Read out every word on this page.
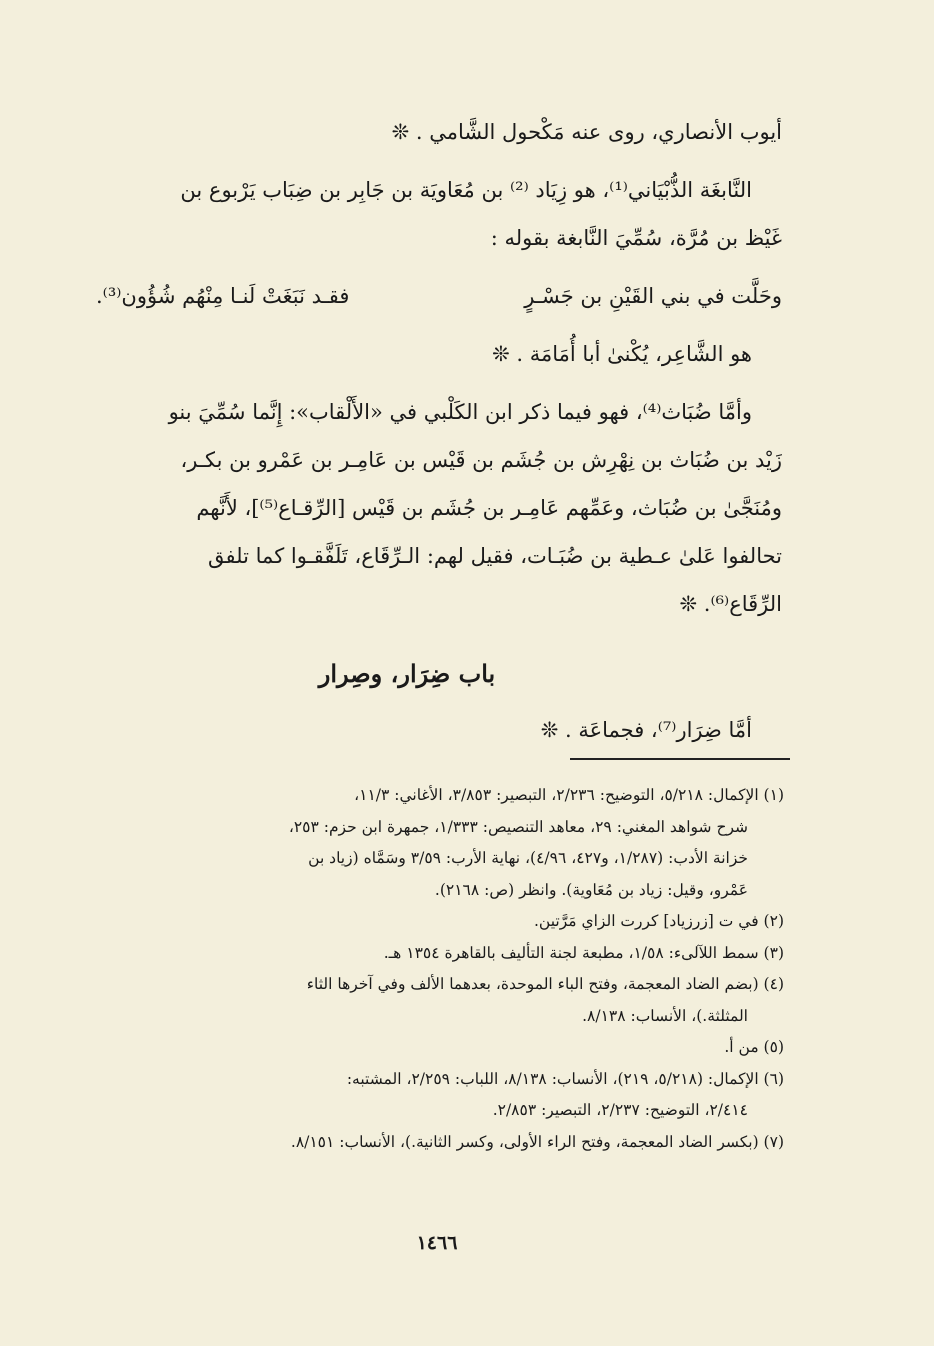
أيوب الأنصاري، روى عنه مَكْحول الشَّامي . ❊

النَّابغَة الذُّبْيَاني⁽¹⁾، هو زِيَاد ⁽²⁾ بن مُعَاويَة بن جَابِر بن ضِبَاب يَرْبوع بن

غَيْظ بن مُرَّة، سُمِّيَ النَّابغة بقوله :

وحَلَّت في بني القَيْنِ بن جَسْـرٍ
فقـد نَبَغَتْ لَنـا مِنْهُم شُؤُون⁽³⁾.

هو الشَّاعِر، يُكْنىٰ أبا أُمَامَة . ❊

وأمَّا ضُبَاث⁽⁴⁾، فهو فيما ذكر ابن الكَلْبي في «الأَلْقاب»: إِنَّما سُمِّيَ بنو

زَيْد بن ضُبَاث بن نِهْرِش بن جُشَم بن قَيْس بن عَامِـر بن عَمْرو بن بكـر،

ومُنَجَّىٰ بن ضُبَاث، وعَمِّهم عَامِـر بن جُشَم بن قَيْس [الرِّقـاع⁽⁵⁾]، لأَنَّهم

تحالفوا عَلىٰ عـطية بن ضُبَـات، فقيل لهم: الـرِّقَاع، تَلَفَّقـوا كما تلفق

الرِّقَاع⁽⁶⁾. ❊

باب ضِرَار، وصِرار

أمَّا ضِرَار⁽⁷⁾، فجماعَة . ❊

(١) الإكمال: ٥/٢١٨، التوضيح: ٢/٢٣٦، التبصير: ٣/٨٥٣، الأغاني: ١١/٣،

شرح شواهد المغني: ٢٩، معاهد التنصيص: ١/٣٣٣، جمهرة ابن حزم: ٢٥٣،

خزانة الأدب: (١/٢٨٧، و٤٢٧، ٤/٩٦)، نهاية الأرب: ٣/٥٩ وسَمَّاه (زياد بن

عَمْرو، وقيل: زياد بن مُعَاوية). وانظر (ص: ٢١٦٨).

(٢) في ت [زرزياد] كررت الزاي مَرَّتين.

(٣) سمط اللآلىء: ١/٥٨، مطبعة لجنة التأليف بالقاهرة ١٣٥٤ هـ.

(٤) (بضم الضاد المعجمة، وفتح الباء الموحدة، بعدهما الألف وفي آخرها الثاء

المثلثة.)، الأنساب: ٨/١٣٨.

(٥) من أ.

(٦) الإكمال: (٥/٢١٨، ٢١٩)، الأنساب: ٨/١٣٨، اللباب: ٢/٢٥٩، المشتبه:

٢/٤١٤، التوضيح: ٢/٢٣٧، التبصير: ٢/٨٥٣.

(٧) (بكسر الضاد المعجمة، وفتح الراء الأولى، وكسر الثانية.)، الأنساب: ٨/١٥١.

١٤٦٦
